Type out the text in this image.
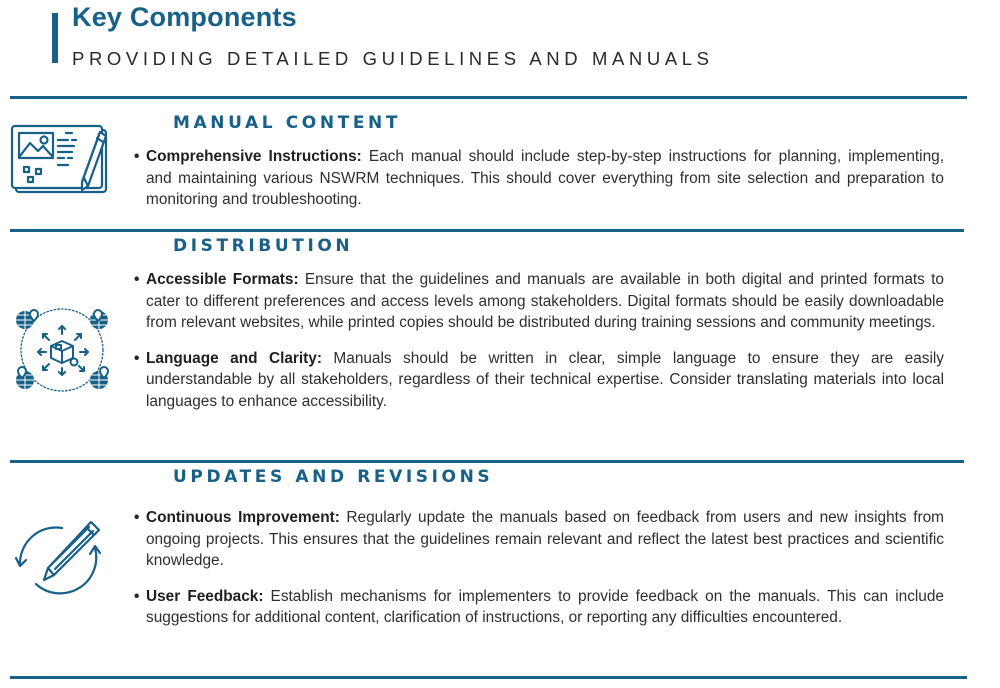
Key Components
PROVIDING DETAILED GUIDELINES AND MANUALS
MANUAL CONTENT
• Comprehensive Instructions: Each manual should include step-by-step instructions for planning, implementing, and maintaining various NSWRM techniques. This should cover everything from site selection and preparation to monitoring and troubleshooting.
DISTRIBUTION
• Accessible Formats: Ensure that the guidelines and manuals are available in both digital and printed formats to cater to different preferences and access levels among stakeholders. Digital formats should be easily downloadable from relevant websites, while printed copies should be distributed during training sessions and community meetings.
• Language and Clarity: Manuals should be written in clear, simple language to ensure they are easily understandable by all stakeholders, regardless of their technical expertise. Consider translating materials into local languages to enhance accessibility.
UPDATES AND REVISIONS
• Continuous Improvement: Regularly update the manuals based on feedback from users and new insights from ongoing projects. This ensures that the guidelines remain relevant and reflect the latest best practices and scientific knowledge.
• User Feedback: Establish mechanisms for implementers to provide feedback on the manuals. This can include suggestions for additional content, clarification of instructions, or reporting any difficulties encountered.
